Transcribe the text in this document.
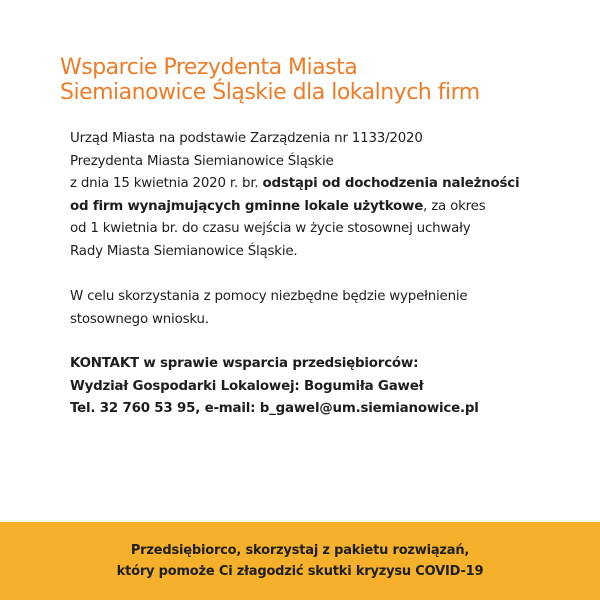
Wsparcie Prezydenta Miasta
Siemianowice Śląskie dla lokalnych firm
Urząd Miasta na podstawie Zarządzenia nr 1133/2020
Prezydenta Miasta Siemianowice Śląskie
z dnia 15 kwietnia 2020 r. br. odstąpi od dochodzenia należności
od firm wynajmujących gminne lokale użytkowe, za okres
od 1 kwietnia br. do czasu wejścia w życie stosownej uchwały
Rady Miasta Siemianowice Śląskie.
W celu skorzystania z pomocy niezbędne będzie wypełnienie
stosownego wniosku.
KONTAKT w sprawie wsparcia przedsiębiorców:
Wydział Gospodarki Lokalowej: Bogumiła Gaweł
Tel. 32 760 53 95, e-mail: b_gawel@um.siemianowice.pl
Przedsiębiorco, skorzystaj z pakietu rozwiązań,
który pomoże Ci złagodzić skutki kryzysu COVID-19
